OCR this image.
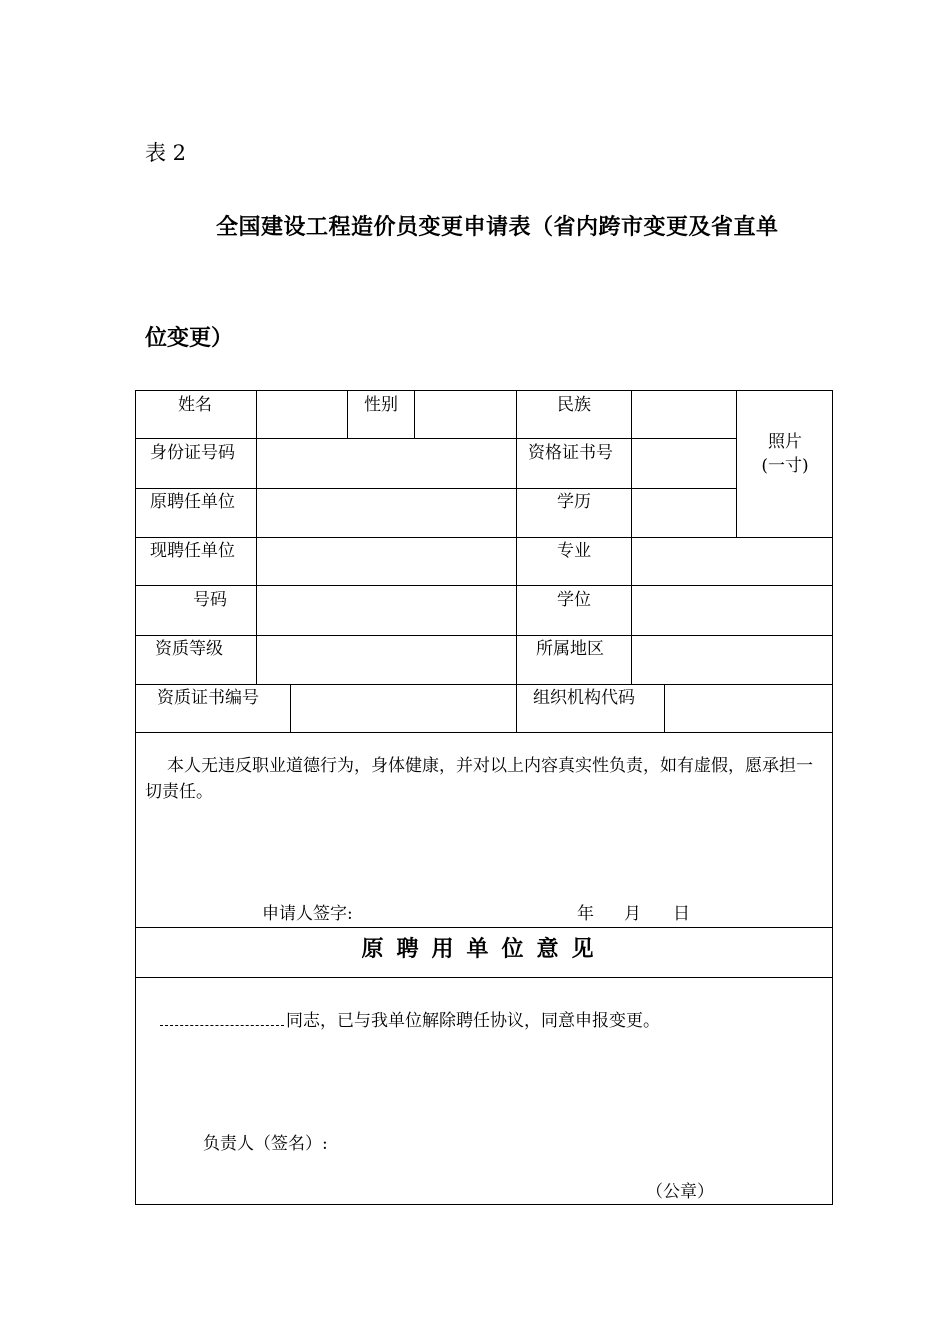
表 2
全国建设工程造价员变更申请表（省内跨市变更及省直单
位变更）
姓名	性别	民族
照片
(一寸)
身份证号码	资格证书号
原聘任单位	学历
现聘任单位	专业
号码	学位
资质等级	所属地区
资质证书编号	组织机构代码
本人无违反职业道德行为，身体健康，并对以上内容真实性负责，如有虚假，愿承担一切责任。
申请人签字:	年 月 日
原聘用单位意见
同志，已与我单位解除聘任协议，同意申报变更。
负责人（签名）:
（公章）
